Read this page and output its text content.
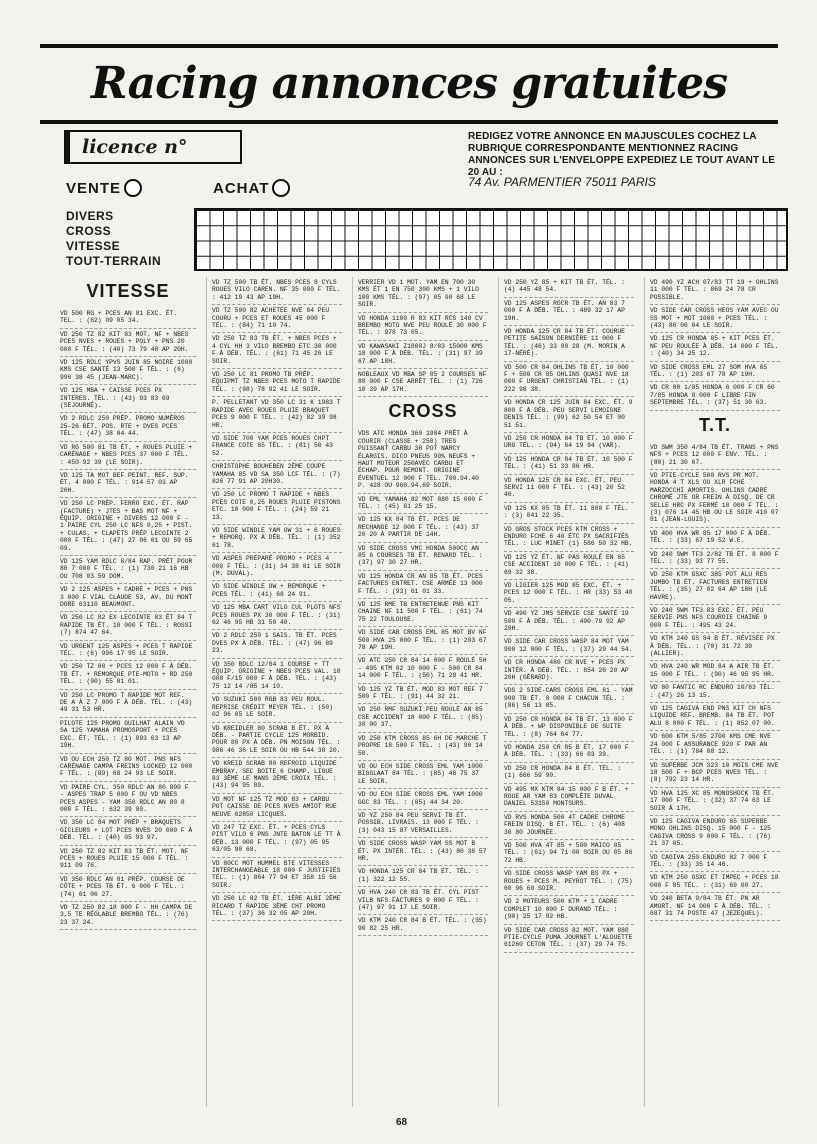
Racing annonces gratuites
licence n°	REDIGEZ VOTRE ANNONCE EN MAJUSCULES COCHEZ LA RUBRIQUE CORRESPONDANTE MENTIONNEZ RACING ANNONCES SUR L'ENVELOPPE EXPEDIEZ LE TOUT AVANT LE 20 AU :
74 Av. PARMENTIER 75011 PARIS
VENTE	ACHAT
DIVERS
CROSS
VITESSE
TOUT-TERRAIN
VITESSE
VD 500 RG + PCES AN 81 EXC. ÉT. TEL. : (62) 09 05 34.
VD 250 TZ 82 KIT 83 MOT. NF + NBES PCES NVES + ROUES + POLY + PNS 20 000 F TÉL. : (40) 73 79 48 AP 20H.
VD 125 RDLC YPVS JUIN 85 NOIRE 1000 KMS CSE SANTÉ 13 500 F TÉL. : (6) 996 38 45 (JEAN-MARC).
VD 125 MBA + CAISSE PCES PX INTERES. TÉL. : (43) 93 83 69 (SEJOURNÉ).
VD 2 RDLC 250 PRÉP. PROMO NUMÉROS 25-26 BÉT. POS. RTE + DVES PCES TÉL. : (47) 38 04 44.
VD RG 500 81 TB ÉT. + ROUES PLUIE + CARÉNAGE + NBES PCES 37 000 F TÉL. : 450 92 39 (LE SOIR).
VD 125 TA MOT BEF PEINT. REF. SUP. ÉT. 4 000 F TÉL. : 914 57 03 AP 20H.
VD 250 LC PRÉP. FERRO EXC. ÉT. RAP (FACTURE) + JTES + BAS MOT NF + ÉQUIP. ORIGINE + DIVERS 12 000 F - 1 PAIRE CYL 250 LC NFS 0,25 + PIST. + CULAS. + CLAPETS PRÉP LECOINTE 2 000 F TÉL. : (47) 27 06 01 OU 59 65 09.
VD 125 YAM RDLC 8/84 RAP. PRÉT POUR 86 7 000 F TÉL. : (1) 730 21 16 HB OU 708 03 59 DOM.
VD 2 125 ASPES + CADRE + PCES + PNS 3 000 F VIAL CLAUDE 53, AV. DU MONT DORE 63110 BEAUMONT.
VD 250 LC 82 EX LECOINTE 83 ÉT 84 T RAPIDE TB ÉT. 10 000 F TÉL. : ROSSI (7) 874 47 64.
VD URGENT 125 ASPES + PCES T RAPIDE TÉL. : (6) 996 17 95 LE SOIR.
VD 250 TZ 80 + PCES 12 000 F À DÉB. TB ÉT. + REMORQUE PTE-MOTO + RD 250 TÉL. : (90) 55 81 01.
VD 250 LC PROMO T RAPIDE MOT REF. DE A À Z 7 000 F À DÉB. TÉL. : (43) 49 31 53 HR.
PILOTE 125 PROMO GUILHAT ALAIN VD SA 125 YAMAHA PROMOSPORT + PCES EXC. ÉT. TÉL. : (1) 893 63 13 AP 19H.
VD OU ECH 250 TZ 80 MOT. PNS NFS CARÉNAGE CAMPA FREINS LOCKED 12 000 F TÉL. : (89) 68 24 93 LE SOIR.
VD PAIRE CYL. 350 RDLC AN 80 800 F - ASPES TRAP 5 000 F OU VD NBES PCES ASPES - YAM 350 RDLC AN 80 8 000 F TÉL. : 632 39 80.
VD 350 LC 84 MOT PRÉP + BRAQUETS GICLEURS + LOT PCES NVES 20 000 F À DÉB. TÉL. : (40) 05 93 97.
VD 250 TZ 82 KIT 83 TB ÉT. MOT. NF PCES + ROUES PLUIE 15 000 F TÉL. : 911 09 76.
VD 350 RDLC AN 81 PRÉP. COURSE DE CÔTE + PCES TB ÉT. 6 000 F TÉL. : (74) 61 06 27.
VD TZ 250 82 18 000 F - HH CAMPA DE 3,5 TE RÉGLABLE BREMBO TÉL. : (76) 23 37 24.
VD TZ 500 TB ÉT. NBES PCES 8 CYLS ROUES VILO CAREN. NF 35 000 F TÉL. : 412 19 43 AP 19H.
VD TZ 500 82 ACHETÉE NVE 84 PEU COURU + PCES ET ROUES 45 000 F TÉL. : (84) 71 10 74.
VD 250 TZ 83 TB ÉT. + NBES PCES + 4 CYL HH 3 VILO BREMBO ETC 30 000 F À DÉB. TÉL. : (61) 71 45 26 LE SOIR.
VD 250 LC 81 PROMO TB PRÉP. ÉQUIPMT TZ NBES PCES MOTO T RAPIDE TÉL. : (98) 78 92 41 LE SOIR.
P. PELLETANT VD 350 LC 31 K 1983 T RAPIDE AVEC ROUES PLUIE BRAQUET PCES 9 000 F TÉL. : (42) 82 39 98 HR.
VD SIDE 700 YAM PCES ROUES CHPT FRANCE COTE 85 TÉL. : (81) 50 43 52.
CHRISTOPHE BOUHEBEN 2ÈME COUPE YAMAHA 85 VD SA 350 LCF TÉL. : (7) 826 77 91 AP 20H30.
VD 250 LC PROMO T RAPIDE + NBES PCES COTE 0,25 ROUES PLUIE PISTONS ETC. 10 000 F TÉL. : (24) 59 21 13.
VD SIDE WINDLE YAM OW 31 + 6 ROUES + REMORQ. PX À DÉB. TÉL. : (1) 352 61 78.
VD ASPES PRÉPARÉ PROMO + PCES 4 000 F TÉL. : (31) 34 38 81 LE SOIR (M. DUVAL).
VD SIDE WINDLE OW + REMORQUE + PCES TÉL. : (41) 68 24 91.
VD 125 MBA CART VILO CUL PLOTS NFS PCES ROUES PX 30 000 F TÉL. : (31) 62 46 95 HB 31 50 40.
VD 2 RDLC 250 1 SAIS. TB ÉT. PCES DVES PX À DÉB. TÉL. : (47) 96 89 23.
VD 350 RDLC 12/84 1 COURSE + TT ÉQUIP. ORIGINE + NBES PCES VAL. 10 000 F/15 000 F À DÉB. TÉL. : (43) 75 12 14 /85 14 10.
VD SUZUKI 500 RGB 83 PEU ROUL. REPRISE CRÉDIT MEYER TÉL. : (50) 02 96 05 LE SOIR.
VD KREIDLER 80 SCRAB B ÉT. PX À DÉB. - PARTIE CYCLE 125 MORBID. POUR 80 PX À DÉB. PN MOISON TÉL. : 986 46 36 LE SOIR OU HB 544 38 20.
VD KREID SCRAB 80 REFROID LIQUIDE EMBRAY. SEC BOITE 6 CHAMP. LIGUE 83 3ÈME LE MANS 2ÈME CROIX TÉL. : (43) 94 95 89.
VD MOT NF 125 TZ MOD 83 + CARBU POT CAISSE DE PCES NVES AMIOT RUE NEUVE 62850 LICQUES.
VD 247 TZ EXC. ÉT. + PCES CYLS PIST VILO 6 PNS JNTE BATON LE TT À DÉB. 13 000 F TÉL. : (97) 05 95 63/05 90 68.
VD 80CC MOT HUMMEL BTE VITESSES INTERCHANGEABLE 18 000 F JUSTIFIÉS TÉL. : (1) 864 77 94 ET 358 15 56 SOIR.
VD 250 LC 82 TB ÉT. 1ÈRE ALBI 2ÈME RICARD T RAPIDE 3ÈME CHT PROMO TÉL. : (37) 36 32 05 AP 20H.
VERRIER VD 1 MOT. YAM EN 700 30 KMS ÉT 1 EN 750 300 KMS + 1 VILO 100 KMS TÉL. : (97) 05 90 68 LE SOIR.
VD HONDA 1100 R 83 KIT RCS 140 CV BREMBO MOTO NVE PEU ROULÉ 30 000 F TÉL. : 978 73 05.
VD KAWASAKI Z1000J 8/83 15000 KMS 18 000 F À DÉB. TÉL. : (31) 97 39 67 AP 18H.
NOBLEAUX VD MBA SP 85 2 COURSES NF 80 000 F CSE ARRÊT TÉL. : (1) 726 10 39 AP 17H.
CROSS
VDS ATC HONDA 360 1984 PRÊT À COURIR (CLASSE + 250) TRES PUISSANT CARBU 38 POT NARCY ÉLARGIS. DICO PNEUS 90% NEUFS + HAUT MOTEUR 250AVEC CARBU ET ÉCHAP. POUR REMONT. ORIGINE ÉVENTUEL 12 000 F TÉL. 700.94.40 P. 428 OU 960.94.69 SOIR.
VD EML YAMAHA 82 MOT 880 15 000 F TÉL. : (45) 61 25 15.
VD 125 KX 84 TB ÉT. PCES DE RECHANGE 12 000 F TÉL. : (43) 37 20 20 À PARTIR DE 14H.
VD SIDE CROSS VMC HONDA 500CC AN 85 6 COURSES TB ÉT. RENARD TÉL. : (37) 97 30 27 HR.
VD 125 HONDA CR AN 85 TB ÉT. PCES FACTURES ENTRET. CSE ARMÉE 13 000 F TÉL. : (93) 61 01 33.
VD 125 RME TB ENTRETENUE PNS KIT CHAINE NF 11 500 F TÉL. : (61) 74 75 22 TOULOUSE.
VD SIDE CAR CROSS EML 85 MOT BV NF 500 HVA 25 000 F TÉL. : (1) 203 67 78 AP 19H.
VD ATC 250 CR 84 14 000 F ROULÉ 5H - 495 KTM 82 10 000 F - 500 CR 84 14 000 F TÉL. : (50) 71 28 41 HR.
VD 125 YZ TB ÉT. MOD 83 MOT REF 7 500 F TÉL. : (91) 44 32 21.
VD 250 RMF SUZUKI PEU ROULÉ AN 85 CSE ACCIDENT 18 000 F TÉL. : (85) 30 00 37.
VD 250 KTM CROSS 85 6H DE MARCHE T PROPRE 18 500 F TÉL. : (43) 90 14 50.
VD OU ECH SIDE CROSS EML YAM 1000 BIGGLAAT 84 TÉL. : (85) 48 75 37 LE SOIR.
VD OU ECH SIDE CROSS EML YAM 1000 GGC 83 TÉL. : (85) 44 34 20.
VD YZ 250 84 PEU SERVI TB ÉT. POSSIB. LIVRAIS. 13 000 F TÉL. : (3) 043 15 87 VERSAILLES.
VD SIDE CROSS WASP YAM SS MOT B ÉT. PX INTÉR. TÉL. : (43) 80 38 57 HR.
VD HONDA 125 CR 84 TB ÉT. TÉL. : (1) 322 12 55.
VD HVA 240 CR 83 TB ÉT. CYL PIST VILB NFS FACTURES 9 800 F TÉL. : (47) 97 91 17 LE SOIR.
VD KTM 240 CR 84 B ÉT. TÉL. : (35) 90 82 25 HR.
VD 250 YZ 85 + KIT TB ÉT. TÉL. : (4) 445 48 54.
VD 125 ASPES RGCR TB ÉT. AN 83 7 000 F À DÉB. TÉL. : 489 32 17 AP 19H.
VD HONDA 125 CR 84 TB ÉT. COURUE PETITE SAISON DERNIÈRE 11 000 F TÉL. : (46) 33 00 28 (M. MORIN A 17-NÉRÉ).
VD 500 CR 84 OHLINS TB ÉT. 10 000 F + 500 CR 85 OHLINS QUASI NVE 18 000 F URGENT CHRISTIAN TÉL. : (1) 222 98 38.
VD HONDA CR 125 JUIN 84 EXC. ÉT. 9 800 F À DÉB. PEU SERVI LEMOIGNE DENIS TÉL. : (99) 62 50 54 ET 00 51 51.
VD 250 CR HONDA 84 TB ÉT. 10 000 F URG TÉL. : (94) 64 19 94 (VAR).
VD 125 HONDA CR 84 TB ÉT. 10 500 F TÉL. : (41) 51 33 86 HR.
VD HONDA 125 CR 84 EXC. ÉT. PEU SERVI 11 000 F TÉL. : (43) 20 52 46.
VD 125 KX 85 TB ÉT. 11 800 F TÉL. : (3) 041 22 35.
VD GROS STOCK PCES KTM CROSS + ENDURO FCHE 6 40 ÉTC PX SACRIFIÉS TÉL. : LUC MINET (1) 586 50 32 HB.
VD 125 YZ ÉT. NF PAS ROULÉ EN 85 CSE ACCIDENT 10 000 F TÉL. : (41) 69 32 38.
VD LIGIER 125 MOD 85 EXC. ÉT. + PCES 12 000 F TÉL. : HR (33) 53 40 05.
VD 490 YZ JMS SERVIE CSE SANTÉ 19 500 F À DÉB. TÉL. : 490 79 92 AP 20H.
VD SIDE CAR CROSS WASP 84 MOT YAM 900 12 000 F TÉL. : (37) 29 44 54.
VD CR HONDA 480 CR NVE + PCES PX INTÉR. À DÉB. TÉL. : 654 26 20 AP 20H (GÉRARD).
VDS 2 SIDE-CARS CROSS EML 81 - YAM 900 TB ÉT. 8 000 F CHACUN TÉL. : (86) 56 13 85.
VD 250 CR HONDA 84 TB ÉT. 13 000 F À DÉB. + WP DISPONIBLE DE SUITE TÉL. : (8) 764 64 77.
VD HONDA 250 CR 85 B ÉT. 17 000 F À DÉB. TÉL. : (33) 66 03 39.
VD 250 CR HONDA 84 B ÉT. TÉL. : (1) 666 59 90.
VD 495 MX KTM 84 15 000 F B ÉT. + ROUE AR YAM 83 COMPLÈTE DUVAL DANIEL 53150 MONTSURS.
VD RVS HONDA 500 4T CADRE CHROME FREIN DISQ. B ÉT. TÉL. : (6) 408 30 80 JOURNÉE.
VD 500 HVA 4T 85 + 500 MAICO 85 TÉL. : (61) 94 71 00 SOIR OU 05 86 72 HB.
VD SIDE CROSS WASP YAM BS PX + ROUES + PCES M. PEYROT TÉL. : (75) 60 96 60 SOIR.
VD 2 MOTEURS 500 KTM + 1 CADRE COMPLET 10 000 F DURAND TÉL. : (90) 25 17 92 HB.
VD SIDE CAR CROSS 82 MOT. YAM 880 PTIE-CYCLE PUMA JOURNET L'ALOUETTE 61260 CETON TÉL. : (37) 29 74 75.
VD 490 YZ ACH 07/83 TT 19 + OHLINS 11 000 F TÉL. : 869 24 78 CR POSSIBLE.
VD SIDE CAR CROSS HEOS YAM AVEC OU SS MOT + MOT 1000 + PCES TÉL. : (43) 86 06 04 LE SOIR.
VD 125 CR HONDA 85 + KIT PCES ÉT. NF PEU ROULÉE À DÉB. 14 000 F TÉL. : (40) 34 25 12.
VD SIDE CROSS EML 27 SOM HVA 85 TÉL. : (1) 203 67 78 AP 19H.
VD CR 80 1/85 HONDA 6 000 F CR 60 7/85 HONDA 8 000 F LIBRE FIN SEPTEMBRE TÉL. : (37) 51 30 63.
T.T.
VD SWM 350 4/84 TB ÉT. TRANS + PNS NFS + PCES 12 000 F ENV. TÉL. : (80) 21 30 67.
VD PTIE-CYCLE 500 RVS PR MOT. HONDA 4 T XLS OU XLR FCHE MARZOCCHI AMORTIS. OHLINS CADRE CHROMÉ JTE OR FREIN À DISQ. DE CR SELLE HRC PX FERMÉ 10 000 F TÉL. : (3) 076 14 45 HB OU LE SOIR 410 07 81 (JEAN-LOUIS).
VD 400 HVA WR 85 17 000 F À DÉB. TÉL. : (33) 67 19 52 W.E.
VD 240 SWM TF3 2/82 TB ÉT. 8 000 F TÉL. : (33) 93 77 55.
VD 250 KTM GSXC 385 POT ALU RES JUMBO TB ÉT. FACTURES ENTRETIEN TÉL. : (35) 27 02 64 AP 18H (LE HAVRE).
VD 240 SWM TF3 83 EXC. ÉT. PEU SERVIE PNS NFS COUROIE CHAINE 9 000 F TÉL. : 495 43 24.
VD KTM 240 GS 84 B ÉT. RÉVISÉE PX À DÉB. TÉL. : (70) 31 72 39 (ALLIER).
VD HVA 240 WR MOD 84 A AIR TB ÉT. 15 000 F TÉL. : (90) 46 95 95 HR.
VD 80 FANTIC RC ENDURO 10/83 TÉL. : (47) 26 13 15.
VD 125 CAGIVA END PNS KIT CH NFS LIQUIDE REF. BREMB. 84 TB ÉT. POT ALU 8 000 F TÉL. : (1) 852 07 00.
VD 600 KTM 5/85 2700 KMS CME NVE 24 000 F ASSURANCE 920 F PAR AN TÉL. : (1) 784 08 12.
VD SUPERBE JCM 323 10 MOIS CME NVE 18 500 F + BCP PCES NVES TÉL. : (8) 792 23 14 HR.
VD HVA 125 XC 85 MONOSHOCK TB ÉT. 17 000 F TÉL. : (32) 37 74 63 LE SOIR À 17H.
VD 125 CAGIVA ENDURO 85 SUPERBE MONO OHLINS DISQ. 15 000 F - 125 CAGIVA CROSS 9 000 F TÉL. : (76) 21 37 05.
VD CAGIVA 250 ENDURO 82 7 000 F TÉL. : (33) 35 14 46.
VD KTM 250 GSXC ET IMPEC + PCES 18 000 F 85 TÉL. : (31) 69 00 27.
VD 240 BETA 9/84 TB ÉT. PN AR AMORT. NF 14 000 F À DÉB. TÉL. : 687 31 74 POSTE 47 (JEZEQUEL).
68
